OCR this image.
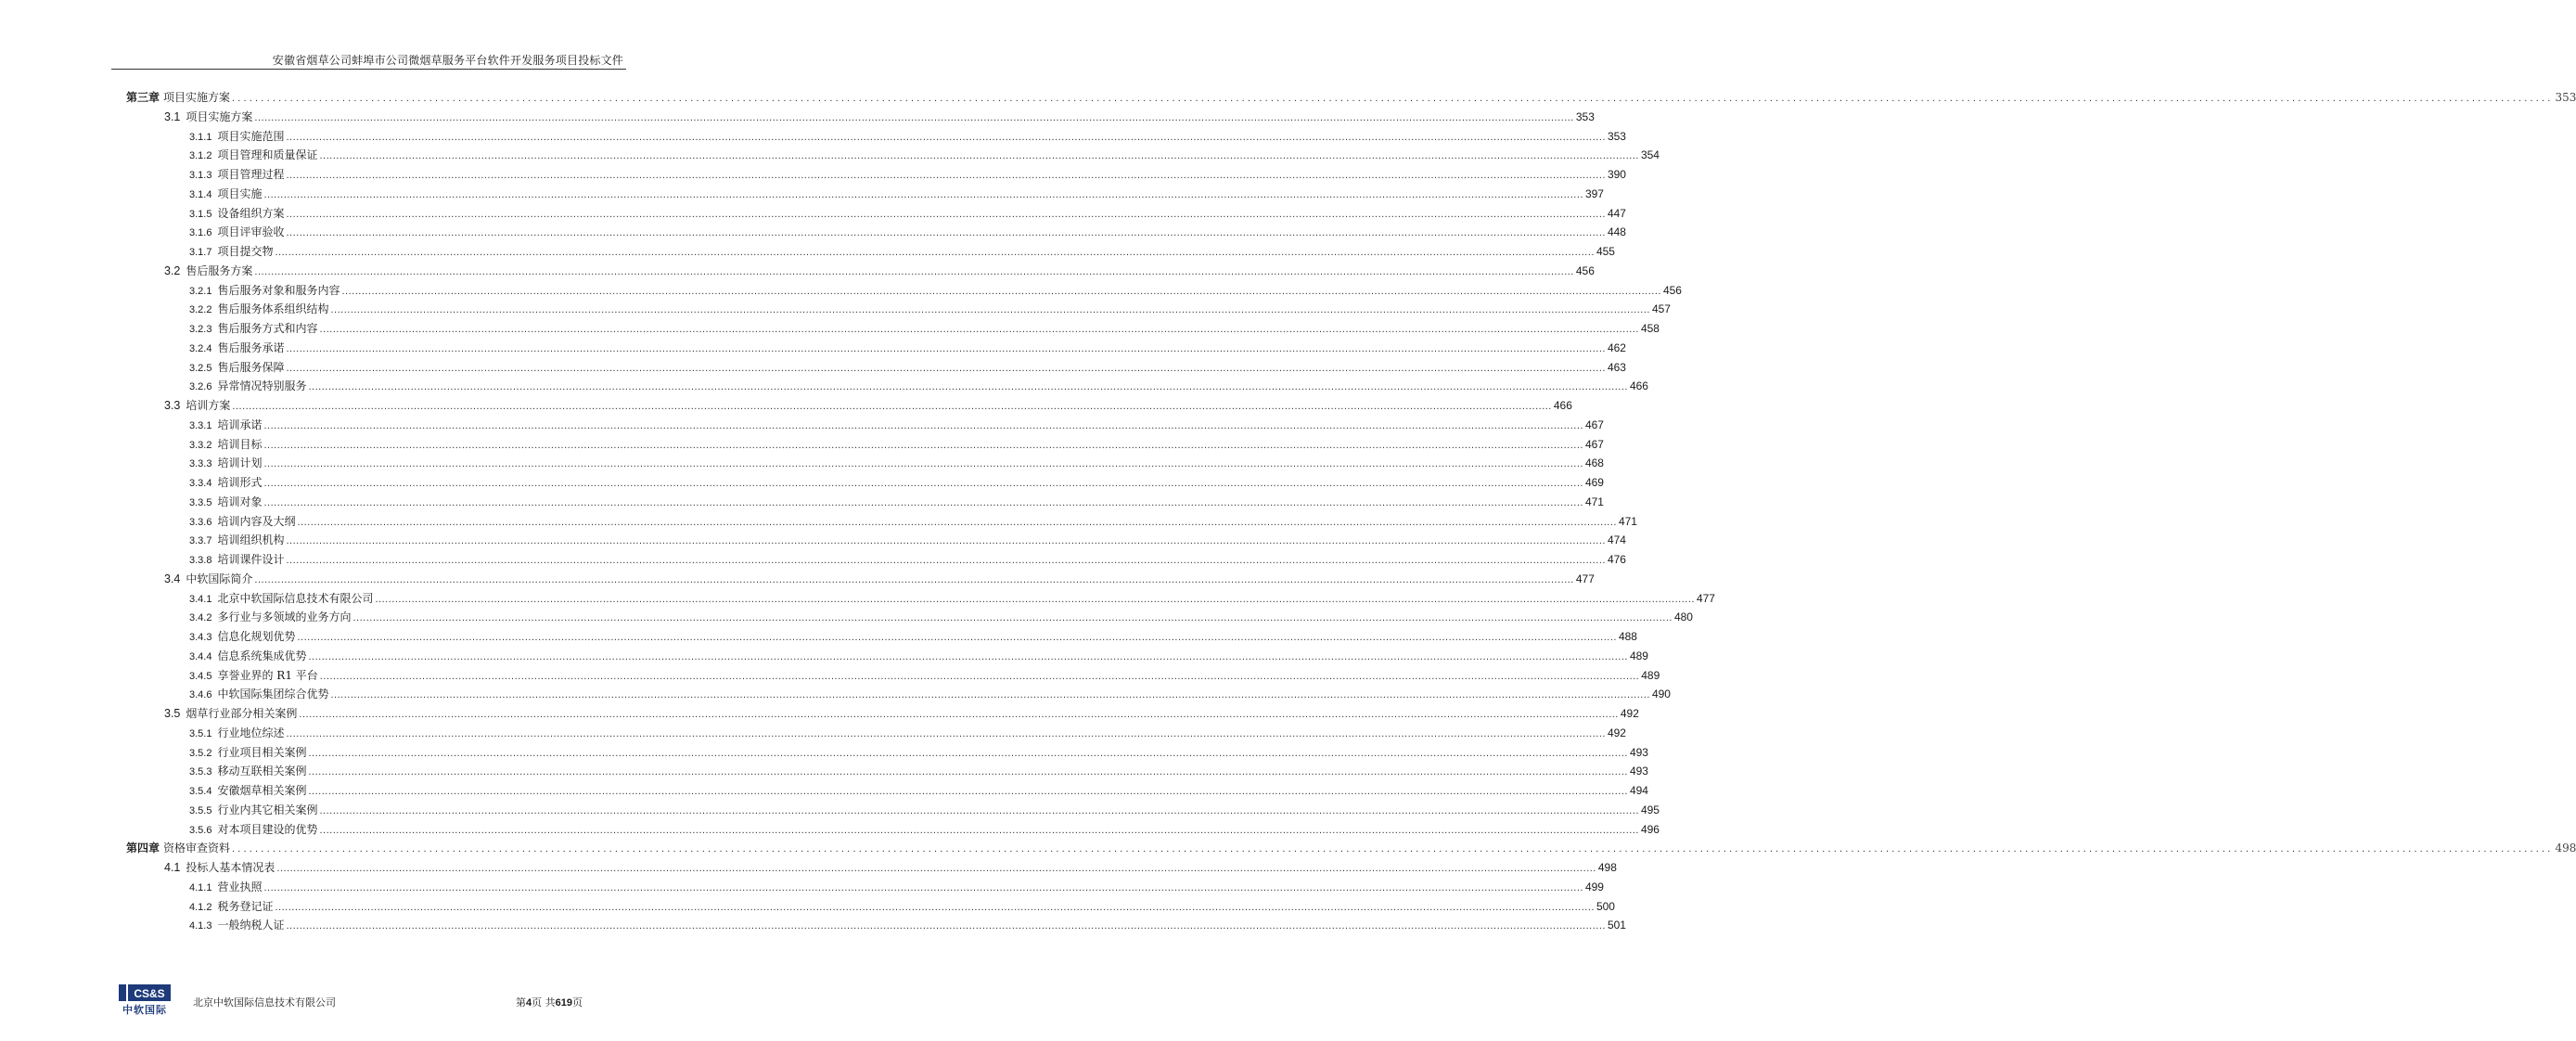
安徽省烟草公司蚌埠市公司微烟草服务平台软件开发服务项目投标文件
第三章 项目实施方案 ................................................................................................................................................................................................................................................................................................................................................................................................................ 353
3.1 项目实施方案 ................................................................................................................................................................................................................................................................................................................................................................................................................ 353
3.1.1 项目实施范围 ................................................................................................................................................................................................................................................................................................................................................................................................................ 353
3.1.2 项目管理和质量保证 ................................................................................................................................................................................................................................................................................................................................................................................................................ 354
3.1.3 项目管理过程 ................................................................................................................................................................................................................................................................................................................................................................................................................ 390
3.1.4 项目实施 ................................................................................................................................................................................................................................................................................................................................................................................................................ 397
3.1.5 设备组织方案 ................................................................................................................................................................................................................................................................................................................................................................................................................ 447
3.1.6 项目评审验收 ................................................................................................................................................................................................................................................................................................................................................................................................................ 448
3.1.7 项目提交物 ................................................................................................................................................................................................................................................................................................................................................................................................................ 455
3.2 售后服务方案 ................................................................................................................................................................................................................................................................................................................................................................................................................ 456
3.2.1 售后服务对象和服务内容 ................................................................................................................................................................................................................................................................................................................................................................................................................ 456
3.2.2 售后服务体系组织结构 ................................................................................................................................................................................................................................................................................................................................................................................................................ 457
3.2.3 售后服务方式和内容 ................................................................................................................................................................................................................................................................................................................................................................................................................ 458
3.2.4 售后服务承诺 ................................................................................................................................................................................................................................................................................................................................................................................................................ 462
3.2.5 售后服务保障 ................................................................................................................................................................................................................................................................................................................................................................................................................ 463
3.2.6 异常情况特别服务 ................................................................................................................................................................................................................................................................................................................................................................................................................ 466
3.3 培训方案 ................................................................................................................................................................................................................................................................................................................................................................................................................ 466
3.3.1 培训承诺 ................................................................................................................................................................................................................................................................................................................................................................................................................ 467
3.3.2 培训目标 ................................................................................................................................................................................................................................................................................................................................................................................................................ 467
3.3.3 培训计划 ................................................................................................................................................................................................................................................................................................................................................................................................................ 468
3.3.4 培训形式 ................................................................................................................................................................................................................................................................................................................................................................................................................ 469
3.3.5 培训对象 ................................................................................................................................................................................................................................................................................................................................................................................................................ 471
3.3.6 培训内容及大纲 ................................................................................................................................................................................................................................................................................................................................................................................................................ 471
3.3.7 培训组织机构 ................................................................................................................................................................................................................................................................................................................................................................................................................ 474
3.3.8 培训课件设计 ................................................................................................................................................................................................................................................................................................................................................................................................................ 476
3.4 中软国际简介 ................................................................................................................................................................................................................................................................................................................................................................................................................ 477
3.4.1 北京中软国际信息技术有限公司 ................................................................................................................................................................................................................................................................................................................................................................................................................ 477
3.4.2 多行业与多领域的业务方向 ................................................................................................................................................................................................................................................................................................................................................................................................................ 480
3.4.3 信息化规划优势 ................................................................................................................................................................................................................................................................................................................................................................................................................ 488
3.4.4 信息系统集成优势 ................................................................................................................................................................................................................................................................................................................................................................................................................ 489
3.4.5 享誉业界的 R1 平台 ................................................................................................................................................................................................................................................................................................................................................................................................................ 489
3.4.6 中软国际集团综合优势 ................................................................................................................................................................................................................................................................................................................................................................................................................ 490
3.5 烟草行业部分相关案例 ................................................................................................................................................................................................................................................................................................................................................................................................................ 492
3.5.1 行业地位综述 ................................................................................................................................................................................................................................................................................................................................................................................................................ 492
3.5.2 行业项目相关案例 ................................................................................................................................................................................................................................................................................................................................................................................................................ 493
3.5.3 移动互联相关案例 ................................................................................................................................................................................................................................................................................................................................................................................................................ 493
3.5.4 安徽烟草相关案例 ................................................................................................................................................................................................................................................................................................................................................................................................................ 494
3.5.5 行业内其它相关案例 ................................................................................................................................................................................................................................................................................................................................................................................................................ 495
3.5.6 对本项目建设的优势 ................................................................................................................................................................................................................................................................................................................................................................................................................ 496
第四章 资格审查资料 ................................................................................................................................................................................................................................................................................................................................................................................................................ 498
4.1 投标人基本情况表 ................................................................................................................................................................................................................................................................................................................................................................................................................ 498
4.1.1 营业执照 ................................................................................................................................................................................................................................................................................................................................................................................................................ 499
4.1.2 税务登记证 ................................................................................................................................................................................................................................................................................................................................................................................................................ 500
4.1.3 一般纳税人证 ................................................................................................................................................................................................................................................................................................................................................................................................................ 501
CS&S
中软国际
北京中软国际信息技术有限公司	第4页 共619页
